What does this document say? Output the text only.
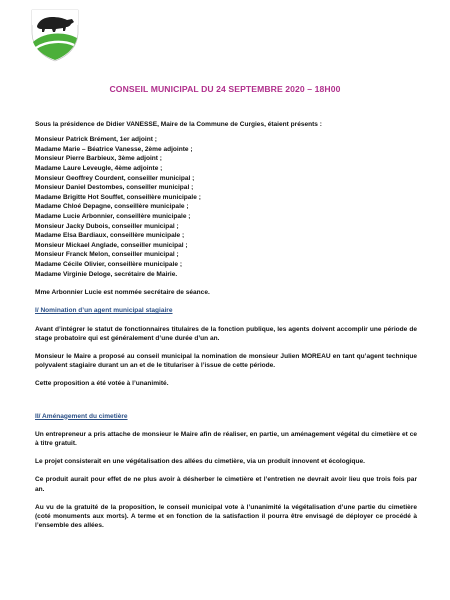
CONSEIL MUNICIPAL DU 24 SEPTEMBRE 2020 – 18H00

Sous la présidence de Didier VANESSE, Maire de la Commune de Curgies, étaient présents :

Monsieur Patrick Brément, 1er adjoint ;
Madame Marie – Béatrice Vanesse, 2ème adjointe ;
Monsieur Pierre Barbieux, 3ème adjoint ;
Madame Laure Leveugle, 4ème adjointe ;
Monsieur Geoffrey Courdent, conseiller municipal ;
Monsieur Daniel Destombes, conseiller municipal ;
Madame Brigitte Hot Souffet, conseillère municipale ;
Madame Chloé Depagne, conseillère municipale ;
Madame Lucie Arbonnier, conseillère municipale ;
Monsieur Jacky Dubois, conseiller municipal ;
Madame Elsa Bardiaux, conseillère municipale ;
Monsieur Mickael Anglade, conseiller municipal ;
Monsieur Franck Melon, conseiller municipal ;
Madame Cécile Olivier, conseillère municipale ;
Madame Virginie Deloge, secrétaire de Mairie.

Mme Arbonnier Lucie est nommée secrétaire de séance.

I/ Nomination d’un agent municipal stagiaire

Avant d’intégrer le statut de fonctionnaires titulaires de la fonction publique, les agents doivent accomplir une période de stage probatoire qui est généralement d’une durée d’un an.

Monsieur le Maire a proposé au conseil municipal la nomination de monsieur Julien MOREAU en tant qu’agent technique polyvalent stagiaire durant un an et de le titulariser à l’issue de cette période.

Cette proposition a été votée à l’unanimité.

II/ Aménagement du cimetière

Un entrepreneur a pris attache de monsieur le Maire afin de réaliser, en partie, un aménagement végétal du cimetière et ce à titre gratuit.

Le projet consisterait en une végétalisation des allées du cimetière, via un produit innovent et écologique.

Ce produit aurait pour effet de ne plus avoir à désherber le cimetière et l’entretien ne devrait avoir lieu que trois fois par an.

Au vu de la gratuité de la proposition, le conseil municipal vote à l’unanimité la végétalisation d’une partie du cimetière (coté monuments aux morts). A terme et en fonction de la satisfaction il pourra être envisagé de déployer ce procédé à l’ensemble des allées.
